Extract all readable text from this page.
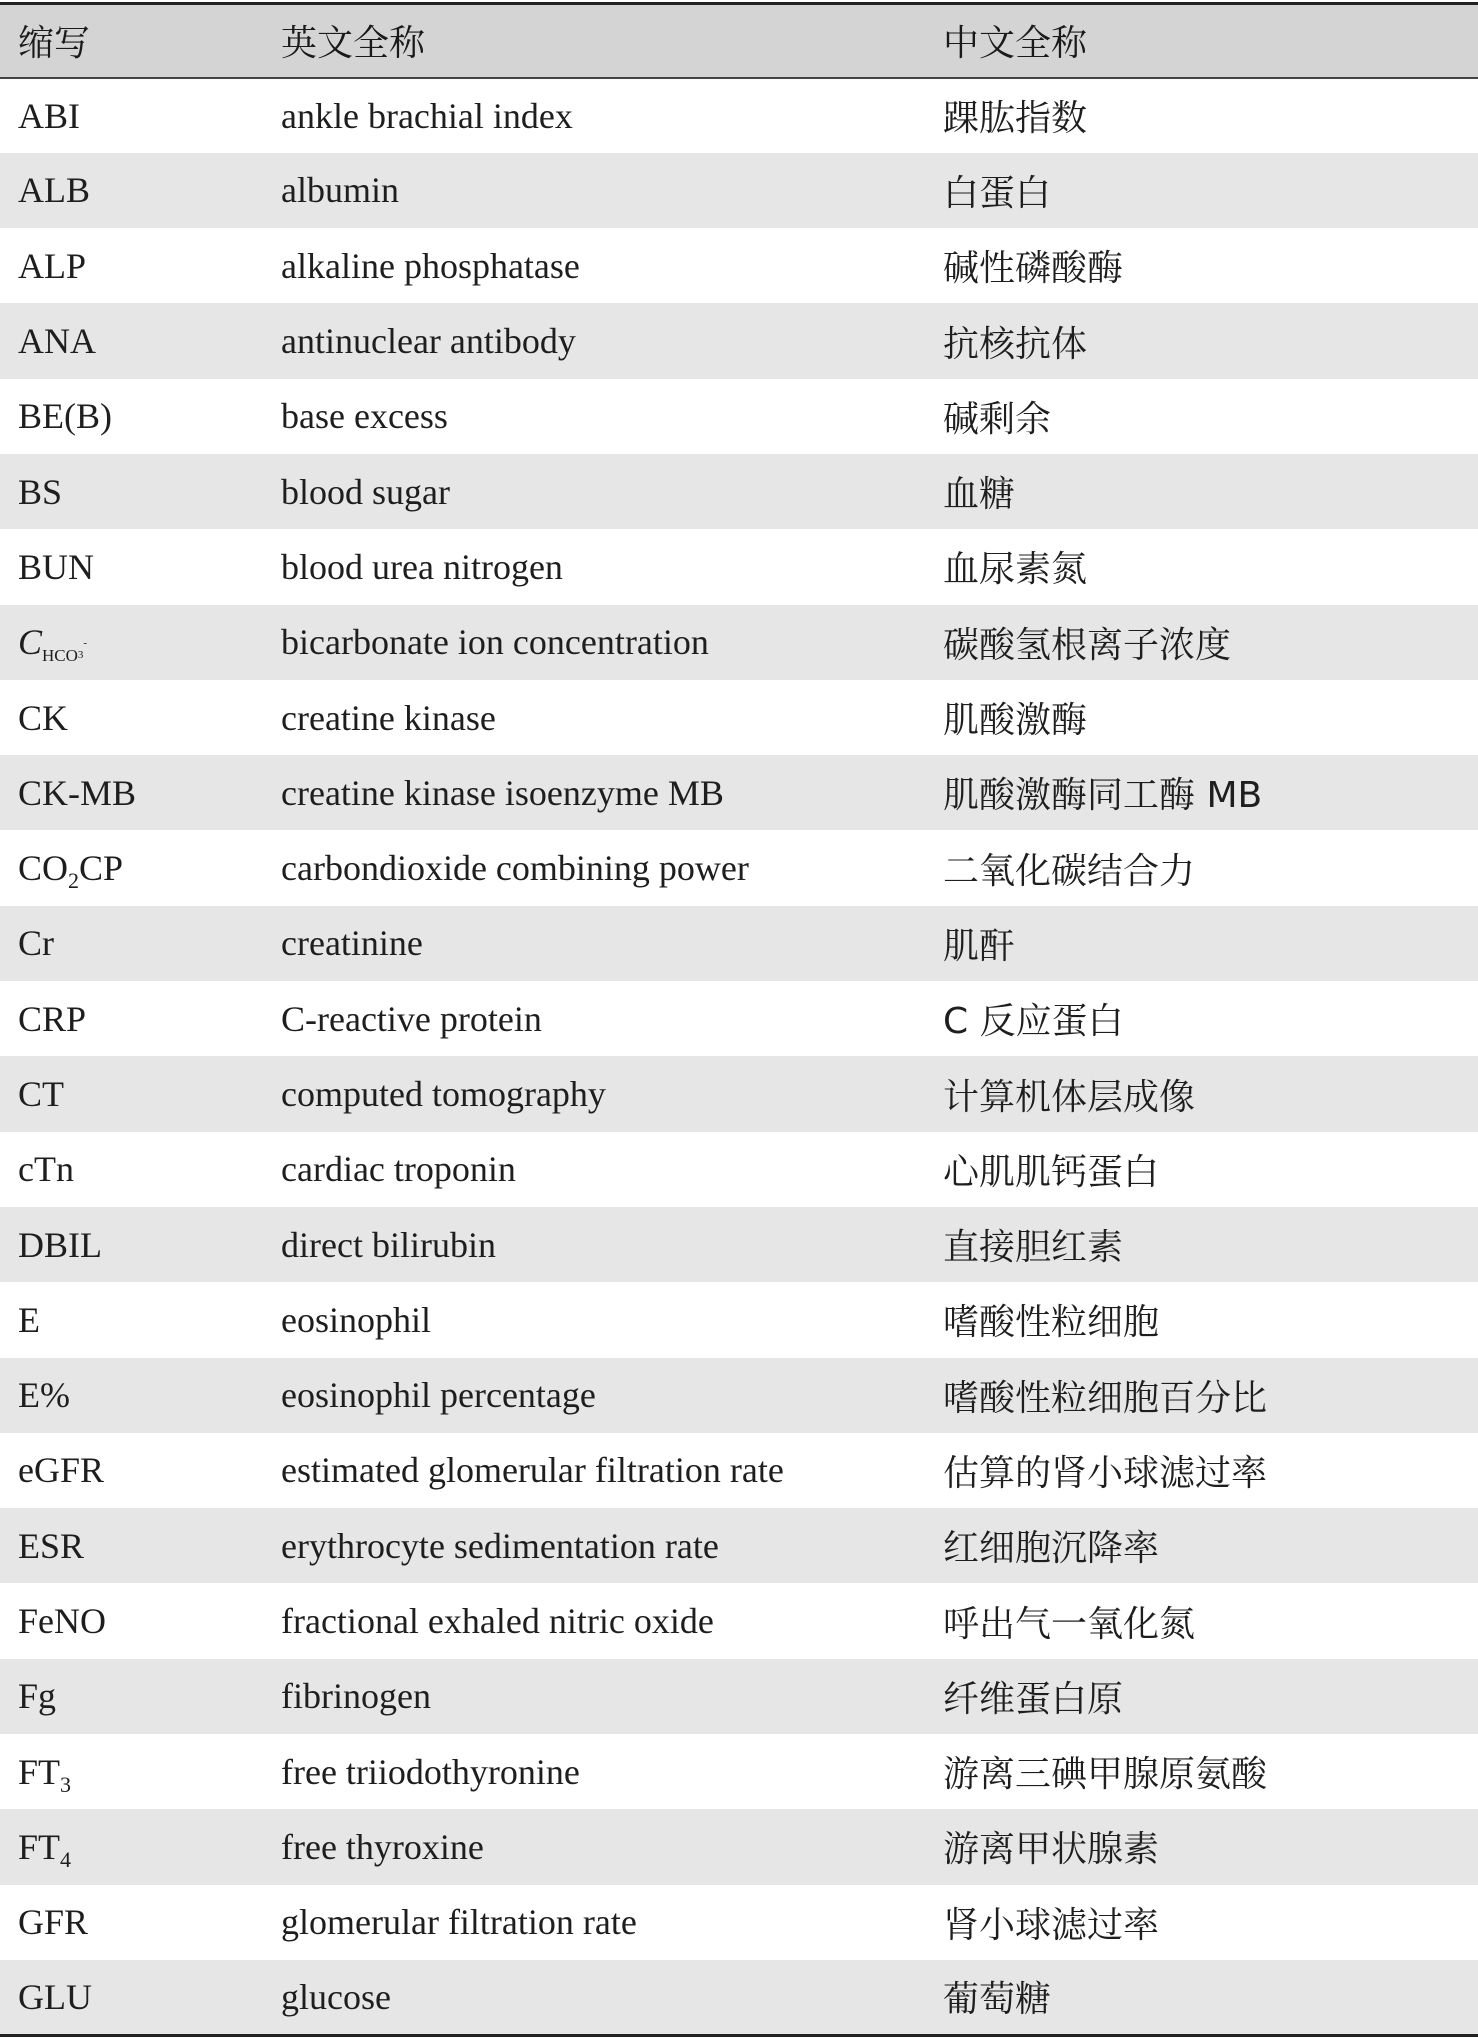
缩写	英文全称	中文全称
ABI	ankle brachial index	踝肱指数
ALB	albumin	白蛋白
ALP	alkaline phosphatase	碱性磷酸酶
ANA	antinuclear antibody	抗核抗体
BE(B)	base excess	碱剩余
BS	blood sugar	血糖
BUN	blood urea nitrogen	血尿素氮
CHCO3-	bicarbonate ion concentration	碳酸氢根离子浓度
CK	creatine kinase	肌酸激酶
CK-MB	creatine kinase isoenzyme MB	肌酸激酶同工酶 MB
$CO_2CP$	carbondioxide combining power	二氧化碳结合力
Cr	creatinine	肌酐
CRP	C-reactive protein	C 反应蛋白
CT	computed tomography	计算机体层成像
cTn	cardiac troponin	心肌肌钙蛋白
DBIL	direct bilirubin	直接胆红素
E	eosinophil	嗜酸性粒细胞
E%	eosinophil percentage	嗜酸性粒细胞百分比
eGFR	estimated glomerular filtration rate	估算的肾小球滤过率
ESR	erythrocyte sedimentation rate	红细胞沉降率
FeNO	fractional exhaled nitric oxide	呼出气一氧化氮
Fg	fibrinogen	纤维蛋白原
$FT_3$	free triiodothyronine	游离三碘甲腺原氨酸
$FT_4$	free thyroxine	游离甲状腺素
GFR	glomerular filtration rate	肾小球滤过率
GLU	glucose	葡萄糖
